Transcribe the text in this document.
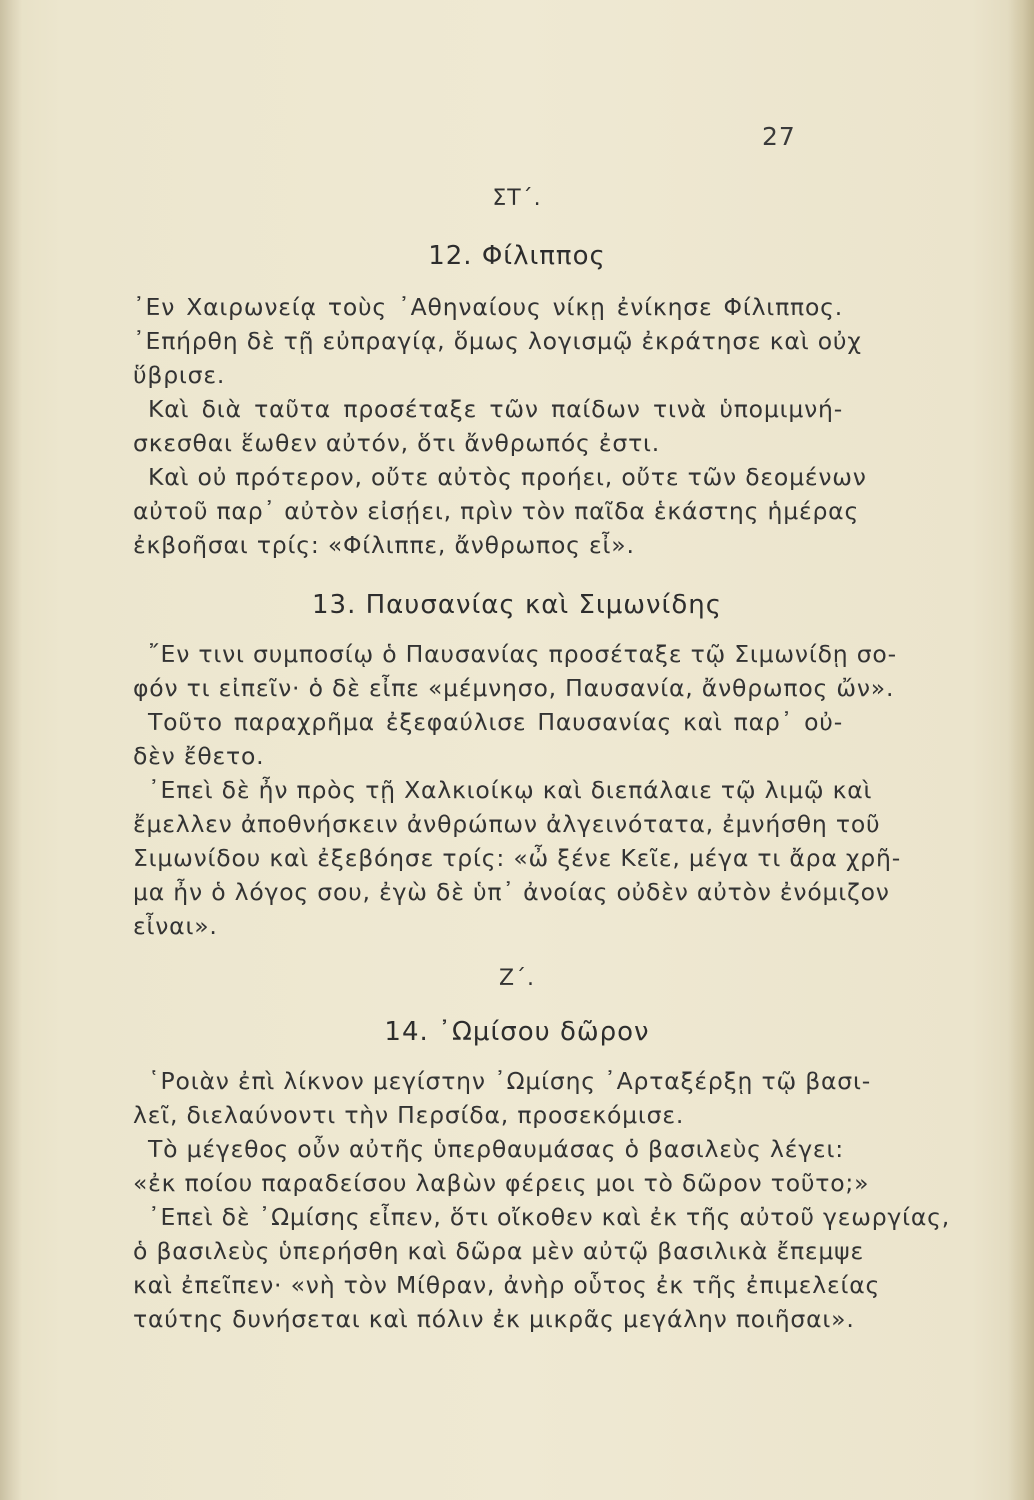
27
ΣΤ΄.
12. Φίλιππος
᾿Εν Χαιρωνείᾳ τοὺς ᾿Αθηναίους νίκῃ ἐνίκησε Φίλιππος.
᾿Επήρθη δὲ τῇ εὐπραγίᾳ, ὅμως λογισμῷ ἐκράτησε καὶ οὐχ
ὕβρισε.
Καὶ διὰ ταῦτα προσέταξε τῶν παίδων τινὰ ὑπομιμνή-
σκεσθαι ἕωθεν αὐτόν, ὅτι ἄνθρωπός ἐστι.
Καὶ οὐ πρότερον, οὔτε αὐτὸς προήει, οὔτε τῶν δεομένων
αὐτοῦ παρ᾿ αὐτὸν εἰσῄει, πρὶν τὸν παῖδα ἑκάστης ἡμέρας
ἐκβοῆσαι τρίς: «Φίλιππε, ἄνθρωπος εἶ».
13. Παυσανίας καὶ Σιμωνίδης
῎Εν τινι συμποσίῳ ὁ Παυσανίας προσέταξε τῷ Σιμωνίδῃ σο-
φόν τι εἰπεῖν· ὁ δὲ εἶπε «μέμνησο, Παυσανία, ἄνθρωπος ὤν».
Τοῦτο παραχρῆμα ἐξεφαύλισε Παυσανίας καὶ παρ᾿ οὐ-
δὲν ἔθετο.
᾿Επεὶ δὲ ἦν πρὸς τῇ Χαλκιοίκῳ καὶ διεπάλαιε τῷ λιμῷ καὶ
ἔμελλεν ἀποθνήσκειν ἀνθρώπων ἀλγεινότατα, ἐμνήσθη τοῦ
Σιμωνίδου καὶ ἐξεβόησε τρίς: «ὦ ξένε Κεῖε, μέγα τι ἄρα χρῆ-
μα ἦν ὁ λόγος σου, ἐγὼ δὲ ὑπ᾿ ἀνοίας οὐδὲν αὐτὸν ἐνόμιζον
εἶναι».
Ζ΄.
14. ᾿Ωμίσου δῶρον
῾Ροιὰν ἐπὶ λίκνον μεγίστην ᾿Ωμίσης ᾿Αρταξέρξῃ τῷ βασι-
λεῖ, διελαύνοντι τὴν Περσίδα, προσεκόμισε.
Τὸ μέγεθος οὖν αὐτῆς ὑπερθαυμάσας ὁ βασιλεὺς λέγει:
«ἐκ ποίου παραδείσου λαβὼν φέρεις μοι τὸ δῶρον τοῦτο;»
᾿Επεὶ δὲ ᾿Ωμίσης εἶπεν, ὅτι οἴκοθεν καὶ ἐκ τῆς αὐτοῦ γεωργίας,
ὁ βασιλεὺς ὑπερήσθη καὶ δῶρα μὲν αὐτῷ βασιλικὰ ἔπεμψε
καὶ ἐπεῖπεν· «νὴ τὸν Μίθραν, ἀνὴρ οὗτος ἐκ τῆς ἐπιμελείας
ταύτης δυνήσεται καὶ πόλιν ἐκ μικρᾶς μεγάλην ποιῆσαι».
